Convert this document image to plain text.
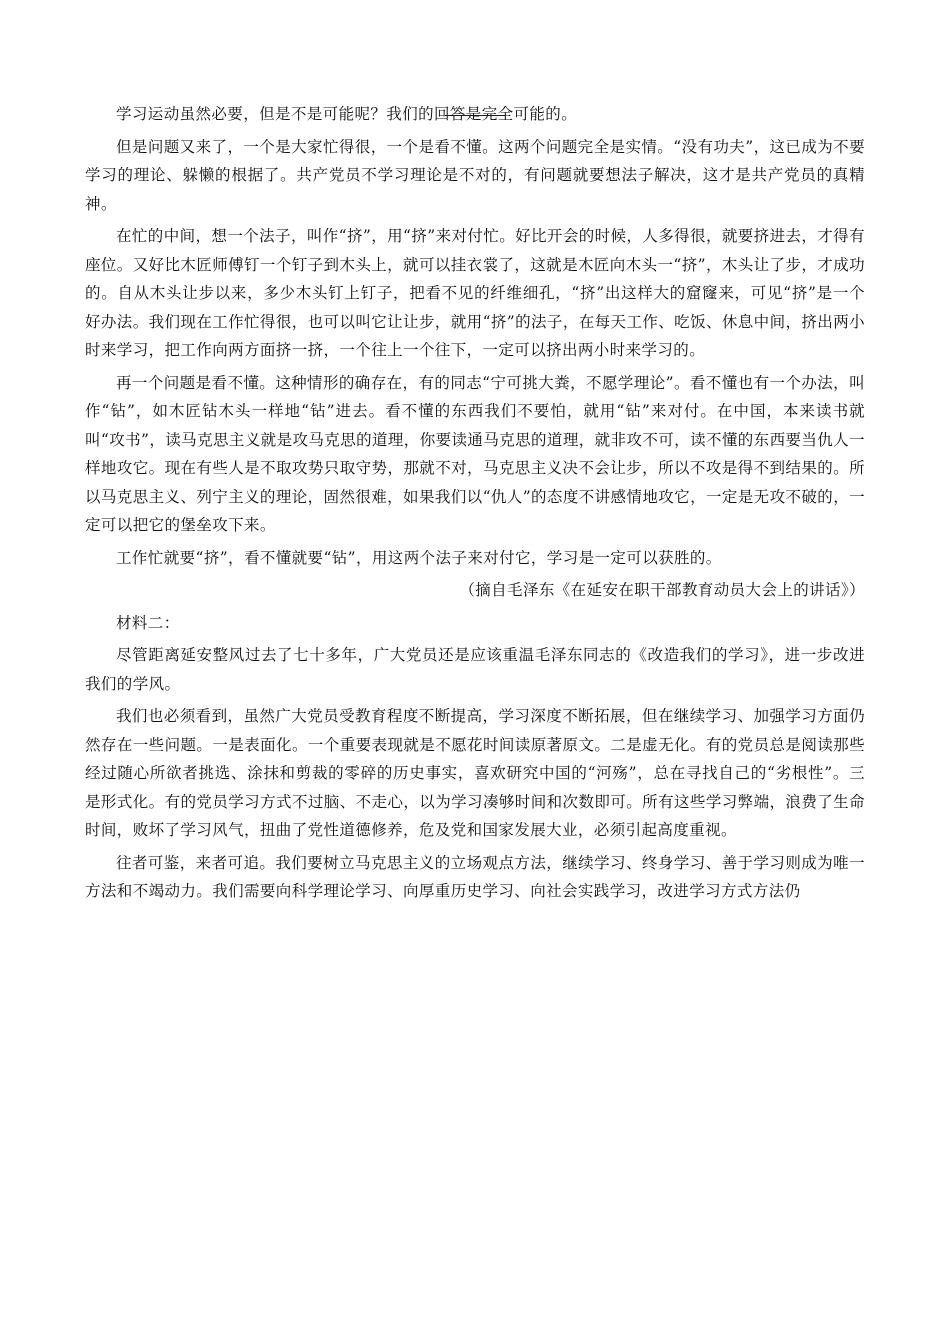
学习运动虽然必要，但是不是可能呢？我们的回答是完全可能的。

但是问题又来了，一个是大家忙得很，一个是看不懂。这两个问题完全是实情。“没有功夫”，这已成为不要学习的理论、躲懒的根据了。共产党员不学习理论是不对的，有问题就要想法子解决，这才是共产党员的真精神。

在忙的中间，想一个法子，叫作“挤”，用“挤”来对付忙。好比开会的时候，人多得很，就要挤进去，才得有座位。又好比木匠师傅钉一个钉子到木头上，就可以挂衣裳了，这就是木匠向木头一“挤”，木头让了步，才成功的。自从木头让步以来，多少木头钉上钉子，把看不见的纤维细孔，“挤”出这样大的窟窿来，可见“挤”是一个好办法。我们现在工作忙得很，也可以叫它让让步，就用“挤”的法子，在每天工作、吃饭、休息中间，挤出两小时来学习，把工作向两方面挤一挤，一个往上一个往下，一定可以挤出两小时来学习的。

再一个问题是看不懂。这种情形的确存在，有的同志“宁可挑大粪，不愿学理论”。看不懂也有一个办法，叫作“钻”，如木匠钻木头一样地“钻”进去。看不懂的东西我们不要怕，就用“钻”来对付。在中国，本来读书就叫“攻书”，读马克思主义就是攻马克思的道理，你要读通马克思的道理，就非攻不可，读不懂的东西要当仇人一样地攻它。现在有些人是不取攻势只取守势，那就不对，马克思主义决不会让步，所以不攻是得不到结果的。所以马克思主义、列宁主义的理论，固然很难，如果我们以“仇人”的态度不讲感情地攻它，一定是无攻不破的，一定可以把它的堡垒攻下来。

工作忙就要“挤”，看不懂就要“钻”，用这两个法子来对付它，学习是一定可以获胜的。

（摘自毛泽东《在延安在职干部教育动员大会上的讲话》）

材料二：

尽管距离延安整风过去了七十多年，广大党员还是应该重温毛泽东同志的《改造我们的学习》，进一步改进我们的学风。

我们也必须看到，虽然广大党员受教育程度不断提高，学习深度不断拓展，但在继续学习、加强学习方面仍然存在一些问题。一是表面化。一个重要表现就是不愿花时间读原著原文。二是虚无化。有的党员总是阅读那些经过随心所欲者挑选、涂抹和剪裁的零碎的历史事实，喜欢研究中国的“河殇”，总在寻找自己的“劣根性”。三是形式化。有的党员学习方式不过脑、不走心，以为学习凑够时间和次数即可。所有这些学习弊端，浪费了生命时间，败坏了学习风气，扭曲了党性道德修养，危及党和国家发展大业，必须引起高度重视。

往者可鉴，来者可追。我们要树立马克思主义的立场观点方法，继续学习、终身学习、善于学习则成为唯一方法和不竭动力。我们需要向科学理论学习、向厚重历史学习、向社会实践学习，改进学习方式方法仍
